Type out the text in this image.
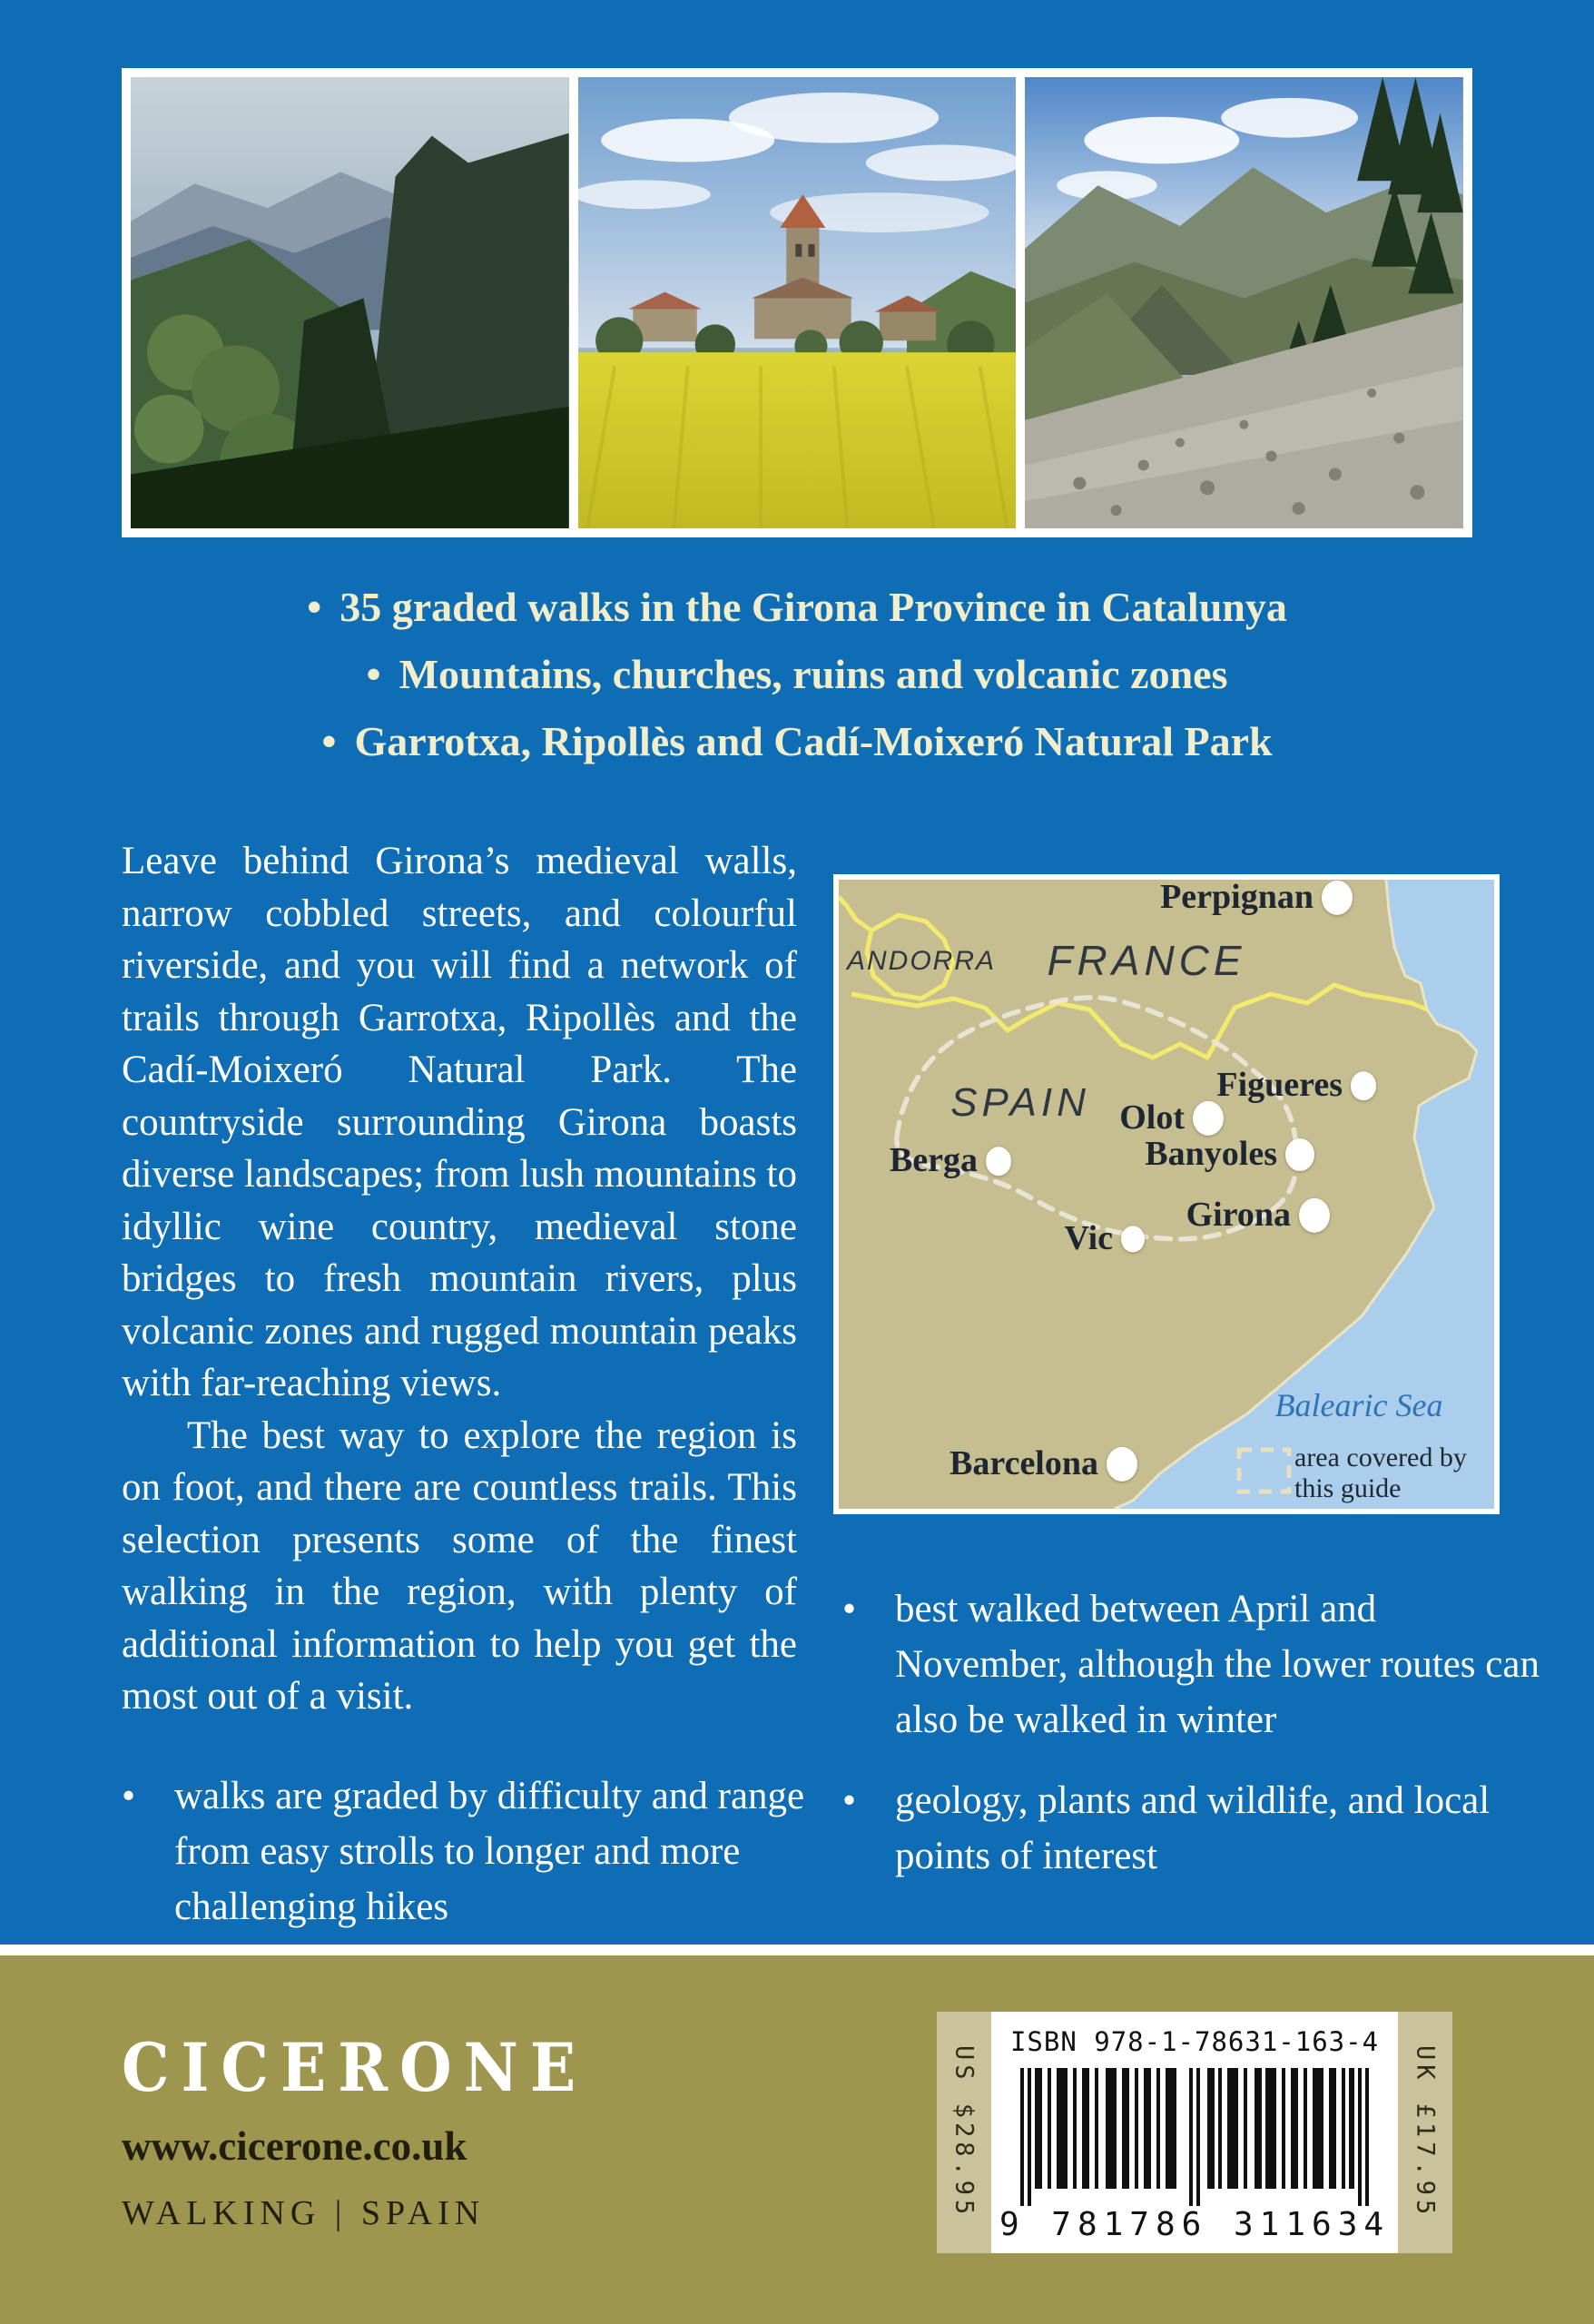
• 35 graded walks in the Girona Province in Catalunya
• Mountains, churches, ruins and volcanic zones
• Garrotxa, Ripollès and Cadí-Moixeró Natural Park

Leave behind Girona’s medieval walls, narrow cobbled streets, and colourful riverside, and you will find a network of trails through Garrotxa, Ripollès and the Cadí-Moixeró Natural Park. The countryside surrounding Girona boasts diverse landscapes; from lush mountains to idyllic wine country, medieval stone bridges to fresh mountain rivers, plus volcanic zones and rugged mountain peaks with far-reaching views.

The best way to explore the region is on foot, and there are countless trails. This selection presents some of the finest walking in the region, with plenty of additional information to help you get the most out of a visit.

• walks are graded by difficulty and range from easy strolls to longer and more challenging hikes
Balearic Sea
area covered by
this guide
Perpignan
Figueres
Olot
Banyoles
Berga
Girona
Vic
Barcelona
ANDORRA FRANCE
SPAIN
• best walked between April and November, although the lower routes can also be walked in winter
• geology, plants and wildlife, and local points of interest
CICERONE
www.cicerone.co.uk
WALKING | SPAIN	US $28.95
ISBN 978-1-78631-163-4
9 781786 311634
UK £17.95
